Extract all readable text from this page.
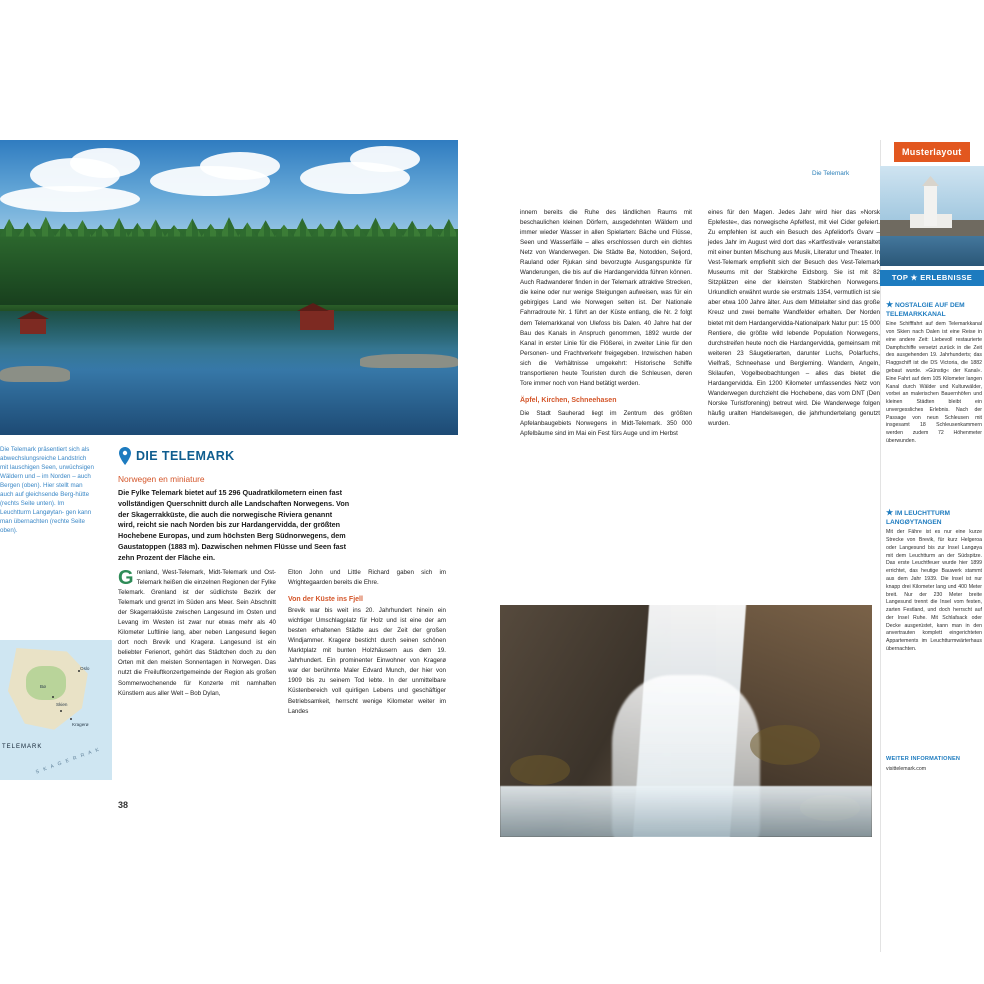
Die Telemark präsentiert sich als abwechslungsreiche Landstrich mit lauschigen Seen, urwüchsigen Wäldern und – im Norden – auch Bergen (oben). Hier stellt man auch auf gleichsende Berg-hütte (rechts Seite unten). Im Leuchtturm Langøytan- gen kann man übernachten (rechte Seite oben).
DIE TELEMARK
Norwegen en miniature
Die Fylke Telemark bietet auf 15 296 Quadratkilometern einen fast vollständigen Querschnitt durch alle Landschaften Norwegens. Von der Skagerrakküste, die auch die norwegische Riviera genannt wird, reicht sie nach Norden bis zur Hardangervidda, der größten Hochebene Europas, und zum höchsten Berg Südnorwegens, dem Gaustatoppen (1883 m). Dazwischen nehmen Flüsse und Seen fast zehn Prozent der Fläche ein.
G renland, West-Telemark, Midt-Telemark und Ost-Telemark heißen die einzelnen Regionen der Fylke Telemark. Grenland ist der südlichste Bezirk der Telemark und grenzt im Süden ans Meer. Sein Abschnitt der Skagerrakküste zwischen Langesund im Osten und Levang im Westen ist zwar nur etwas mehr als 40 Kilometer Luftlinie lang, aber neben Langesund liegen dort noch Brevik und Kragerø. Langesund ist ein beliebter Ferienort, gehört das Städtchen doch zu den Orten mit den meisten Sonnentagen in Norwegen. Das nutzt die Freiluftkonzertgemeinde der Region als großen Sommerwochenende für Konzerte mit namhaften Künstlern aus aller Welt – Bob Dylan,
Elton John und Little Richard gaben sich im Wrightegaarden bereits die Ehre.
Von der Küste ins Fjell
Brevik war bis weit ins 20. Jahrhundert hinein ein wichtiger Umschlagplatz für Holz und ist eine der am besten erhaltenen Städte aus der Zeit der großen Windjammer. Kragerø besticht durch seinen schönen Marktplatz mit bunten Holzhäusern aus dem 19. Jahrhundert. Ein prominenter Einwohner von Kragerø war der berühmte Maler Edvard Munch, der hier von 1909 bis zu seinem Tod lebte. In der unmittelbare Küstenbereich voll quirligen Lebens und geschäftiger Betriebsamkeit, herrscht wenige Kilometer weiter im Landes
Oslo
Bø
Skien
Kragerø
TELEMARK
S K A G E R R A K
38
Die Telemark
innern bereits die Ruhe des ländlichen Raums mit beschaulichen kleinen Dörfern, ausgedehnten Wäldern und immer wieder Wasser in allen Spielarten: Bäche und Flüsse, Seen und Wasserfälle – alles erschlossen durch ein dichtes Netz von Wanderwegen. Die Städte Bø, Notodden, Seljord, Rauland oder Rjukan sind bevorzugte Ausgangspunkte für Wanderungen, die bis auf die Hardangervidda führen können. Auch Radwanderer finden in der Telemark attraktive Strecken, die keine oder nur wenige Steigungen aufweisen, was für ein gebirgiges Land wie Norwegen selten ist. Der Nationale Fahrradroute Nr. 1 führt an der Küste entlang, die Nr. 2 folgt dem Telemarkkanal von Ulefoss bis Dalen. 40 Jahre hat der Bau des Kanals in Anspruch genommen, 1892 wurde der Kanal in erster Linie für die Flößerei, in zweiter Linie für den Personen- und Frachtverkehr freigegeben. Inzwischen haben sich die Verhältnisse umgekehrt: Historische Schiffe transportieren heute Touristen durch die Schleusen, deren Tore immer noch von Hand betätigt werden.
Äpfel, Kirchen, Schneehasen
Die Stadt Sauherad liegt im Zentrum des größten Apfelanbaugebiets Norwegens in Midt-Telemark. 350 000 Apfelbäume sind im Mai ein Fest fürs Auge und im Herbst
eines für den Magen. Jedes Jahr wird hier das »Norsk Eplefeste«, das norwegische Apfelfest, mit viel Cider gefeiert. Zu empfehlen ist auch ein Besuch des Apfelidorfs Gvarv – jedes Jahr im August wird dort das »Kartfestival« veranstaltet mit einer bunten Mischung aus Musik, Literatur und Theater. In Vest-Telemark empfiehlt sich der Besuch des Vest-Telemark Museums mit der Stabkirche Eidsborg. Sie ist mit 82 Sitzplätzen eine der kleinsten Stabkirchen Norwegens. Urkundlich erwähnt wurde sie erstmals 1354, vermutlich ist sie aber etwa 100 Jahre älter. Aus dem Mittelalter sind das große Kreuz und zwei bemalte Wandfelder erhalten. Der Norden bietet mit dem Hardangervidda-Nationalpark Natur pur: 15 000 Rentiere, die größte wild lebende Population Norwegens, durchstreifen heute noch die Hardangervidda, gemeinsam mit weiteren 23 Säugetierarten, darunter Luchs, Polarfuchs, Vielfraß, Schneehase und Bergleming. Wandern, Angeln, Skilaufen, Vogelbeobachtungen – alles das bietet die Hardangervidda. Ein 1200 Kilometer umfassendes Netz von Wanderwegen durchzieht die Hochebene, das vom DNT (Den Norske Turistforening) betreut wird. Die Wanderwege folgen häufig uralten Handelswegen, die jahrhundertelang genutzt wurden.
Musterlayout
TOP ★ ERLEBNISSE
★ NOSTALGIE AUF DEM TELEMARKKANAL
Eine Schifffahrt auf dem Telemarkkanal von Skien nach Dalen ist eine Reise in eine andere Zeit: Liebevoll restaurierte Dampfschiffe versetzt zurück in die Zeit des ausgehenden 19. Jahrhunderts; das Flaggschiff ist die DS Victoria, die 1882 gebaut wurde. »Günstig« der Kanal«. Eine Fahrt auf dem 105 Kilometer langen Kanal durch Wälder und Kulturwälder, vorbei an malerischen Bauernhöfen und kleinen Städten bleibt ein unvergessliches Erlebnis. Nach der Passage von neun Schleusen mit insgesamt 18 Schleusenkammern werden zudem 72 Höhenmeter überwunden.
★ IM LEUCHTTURM LANGØYTANGEN
Mit der Fähre ist es nur eine kurze Strecke von Brevik, für kurz Helgeroa oder Langesund bis zur Insel Langøya mit dem Leuchtturm an der Südspitze. Das erste Leuchtfeuer wurde hier 1899 errichtet, das heutige Bauwerk stammt aus dem Jahr 1939. Die Insel ist nur knapp drei Kilometer lang und 400 Meter breit. Nur der 230 Meter breite Langesund trennt die Insel vom festen, zarten Festland, und doch herrscht auf der Insel Ruhe. Mit Schlafsack oder Decke ausgerüstet, kann man in den anvertrauten komplett eingerichteten Appartements im Leuchtturmwärterhaus übernachten.
WEITER INFORMATIONEN
visittelemark.com
